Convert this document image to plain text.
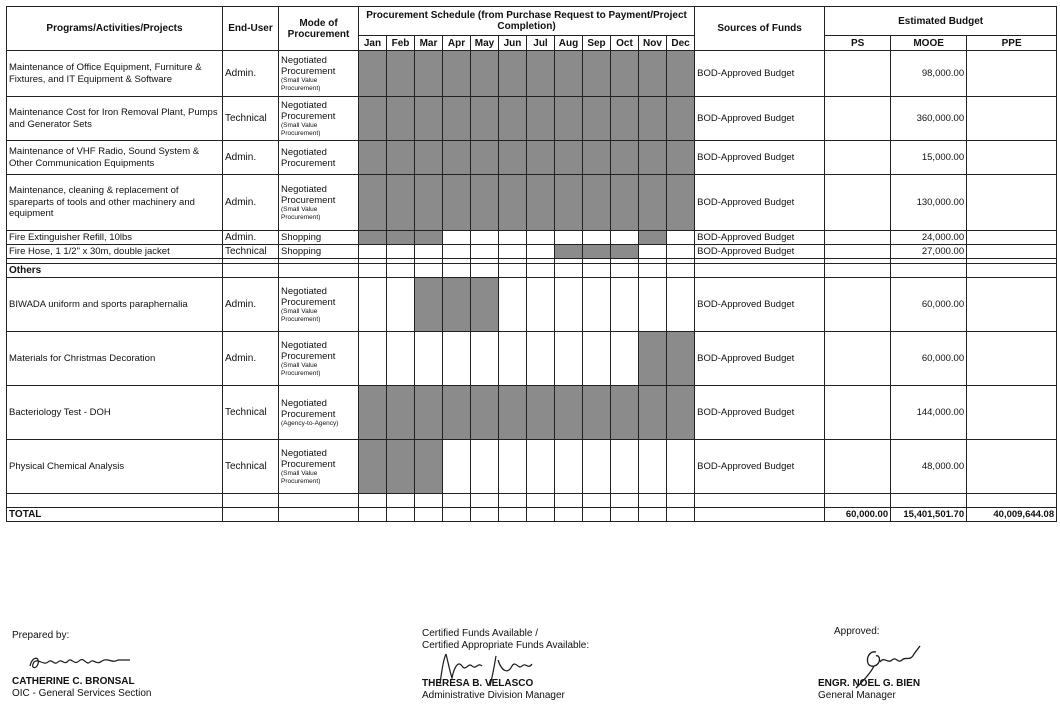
Programs/Activities/Projects	End-User	Mode of Procurement	Procurement Schedule (from Purchase Request to Payment/Project Completion)												Sources of Funds	Estimated Budget		
			Jan	Feb	Mar	Apr	May	Jun	Jul	Aug	Sep	Oct	Nov	Dec		PS	MOOE	PPE
Maintenance of Office Equipment, Furniture & Fixtures, and IT Equipment & Software	Admin.	Negotiated Procurement
(Small Value Procurement)													BOD-Approved Budget		98,000.00	
Maintenance Cost for Iron Removal Plant, Pumps and Generator Sets	Technical	Negotiated Procurement
(Small Value Procurement)													BOD-Approved Budget		360,000.00	
Maintenance of VHF Radio, Sound System & Other Communication Equipments	Admin.	Negotiated Procurement													BOD-Approved Budget		15,000.00	
Maintenance, cleaning & replacement of spareparts of tools and other machinery and equipment	Admin.	Negotiated Procurement
(Small Value Procurement)													BOD-Approved Budget		130,000.00	
Fire Extinguisher Refill, 10lbs	Admin.	Shopping													BOD-Approved Budget		24,000.00	
Fire Hose, 1 1/2" x 30m, double jacket	Technical	Shopping													BOD-Approved Budget		27,000.00	

Others																		
BIWADA uniform and sports paraphernalia	Admin.	Negotiated Procurement
(Small Value Procurement)													BOD-Approved Budget		60,000.00	
Materials for Christmas Decoration	Admin.	Negotiated Procurement
(Small Value Procurement)													BOD-Approved Budget		60,000.00	
Bacteriology Test - DOH	Technical	Negotiated Procurement
(Agency-to-Agency)													BOD-Approved Budget		144,000.00	
Physical Chemical Analysis	Technical	Negotiated Procurement
(Small Value Procurement)													BOD-Approved Budget		48,000.00	

TOTAL																60,000.00	15,401,501.70	40,009,644.08
Prepared by:
CATHERINE C. BRONSAL
OIC - General Services Section
Certified Funds Available /
Certified Appropriate Funds Available:
THERESA B. VELASCO
Administrative Division Manager
Approved:
ENGR. NOEL G. BIEN
General Manager
